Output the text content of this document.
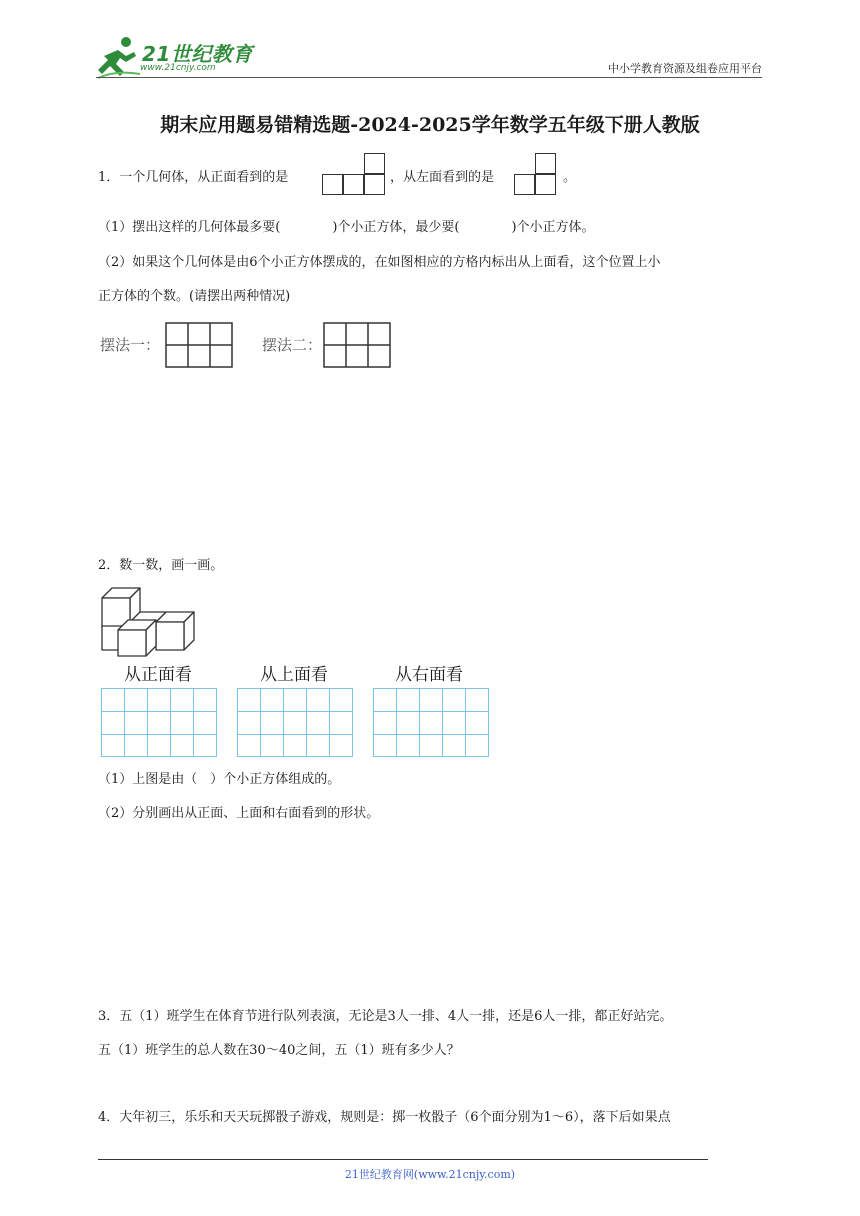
21世纪教育
www.21cnjy.com	中小学教育资源及组卷应用平台
期末应用题易错精选题-2024-2025学年数学五年级下册人教版
1．一个几何体，从正面看到的是	，从左面看到的是	。
（1）摆出这样的几何体最多要(　　　　)个小正方体，最少要(　　　　)个小正方体。
（2）如果这个几何体是由6个小正方体摆成的，在如图相应的方格内标出从上面看，这个位置上小
正方体的个数。(请摆出两种情况)
摆法一：	摆法二：
2．数一数，画一画。
从正面看	从上面看	从右面看
（1）上图是由（　）个小正方体组成的。
（2）分别画出从正面、上面和右面看到的形状。
3．五（1）班学生在体育节进行队列表演，无论是3人一排、4人一排，还是6人一排，都正好站完。
五（1）班学生的总人数在30～40之间，五（1）班有多少人？
4．大年初三，乐乐和天天玩掷骰子游戏，规则是：掷一枚骰子（6个面分别为1～6），落下后如果点
21世纪教育网(www.21cnjy.com)
